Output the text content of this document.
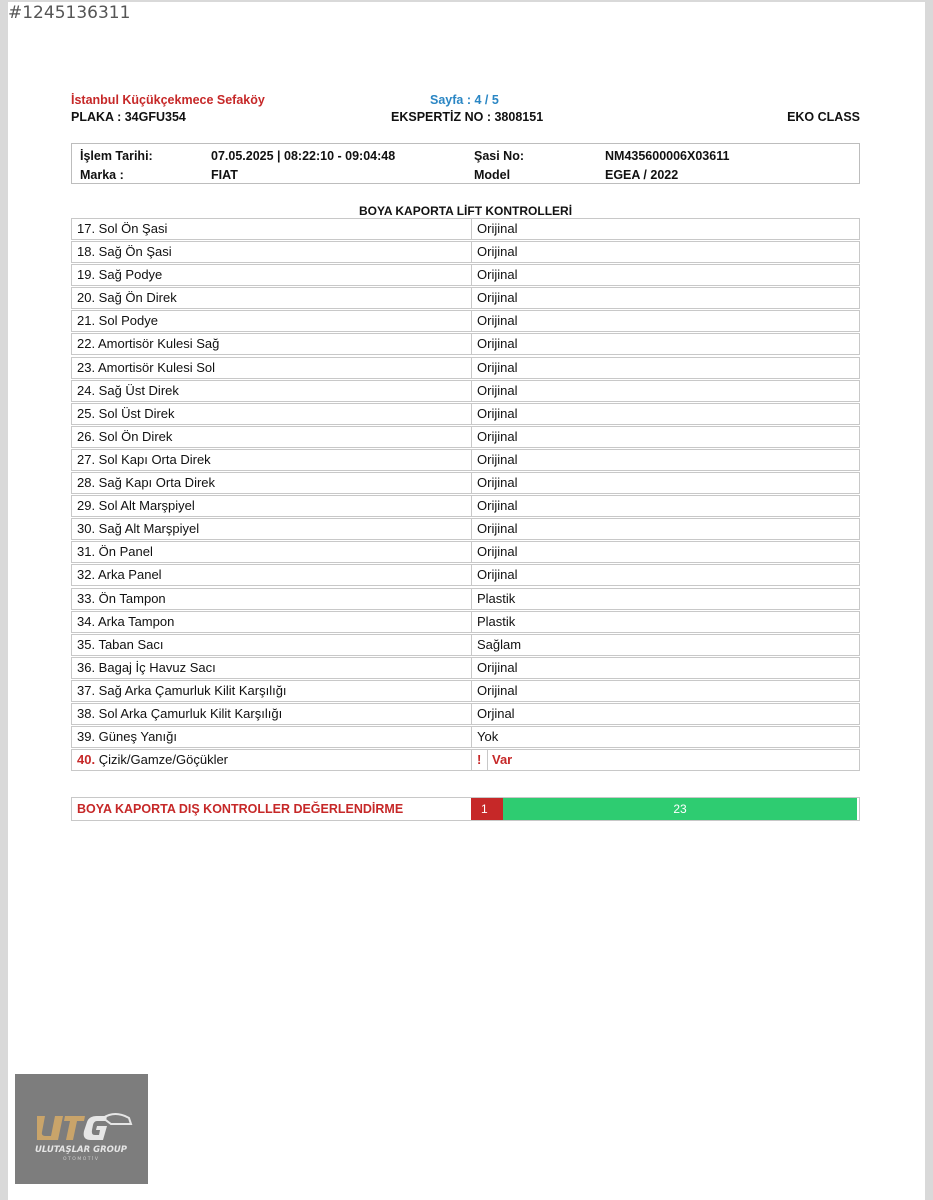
#1245136311
İstanbul Küçükçekmece Sefaköy	Sayfa : 4 / 5
PLAKA : 34GFU354	EKSPERTİZ NO : 3808151	EKO CLASS
İşlem Tarihi:	07.05.2025 | 08:22:10 - 09:04:48	Şasi No:	NM435600006X03611
Marka :	FIAT	Model	EGEA / 2022
BOYA KAPORTA LİFT KONTROLLERİ
17. Sol Ön Şasi	Orijinal
18. Sağ Ön Şasi	Orijinal
19. Sağ Podye	Orijinal
20. Sağ Ön Direk	Orijinal
21. Sol Podye	Orijinal
22. Amortisör Kulesi Sağ	Orijinal
23. Amortisör Kulesi Sol	Orijinal
24. Sağ Üst Direk	Orijinal
25. Sol Üst Direk	Orijinal
26. Sol Ön Direk	Orijinal
27. Sol Kapı Orta Direk	Orijinal
28. Sağ Kapı Orta Direk	Orijinal
29. Sol Alt Marşpiyel	Orijinal
30. Sağ Alt Marşpiyel	Orijinal
31. Ön Panel	Orijinal
32. Arka Panel	Orijinal
33. Ön Tampon	Plastik
34. Arka Tampon	Plastik
35. Taban Sacı	Sağlam
36. Bagaj İç Havuz Sacı	Orijinal
37. Sağ Arka Çamurluk Kilit Karşılığı	Orijinal
38. Sol Arka Çamurluk Kilit Karşılığı	Orjinal
39. Güneş Yanığı	Yok
40. Çizik/Gamze/Göçükler	! Var
BOYA KAPORTA DIŞ KONTROLLER DEĞERLENDİRME	1	23
ULUTAŞLAR GROUP
OTOMOTİV
